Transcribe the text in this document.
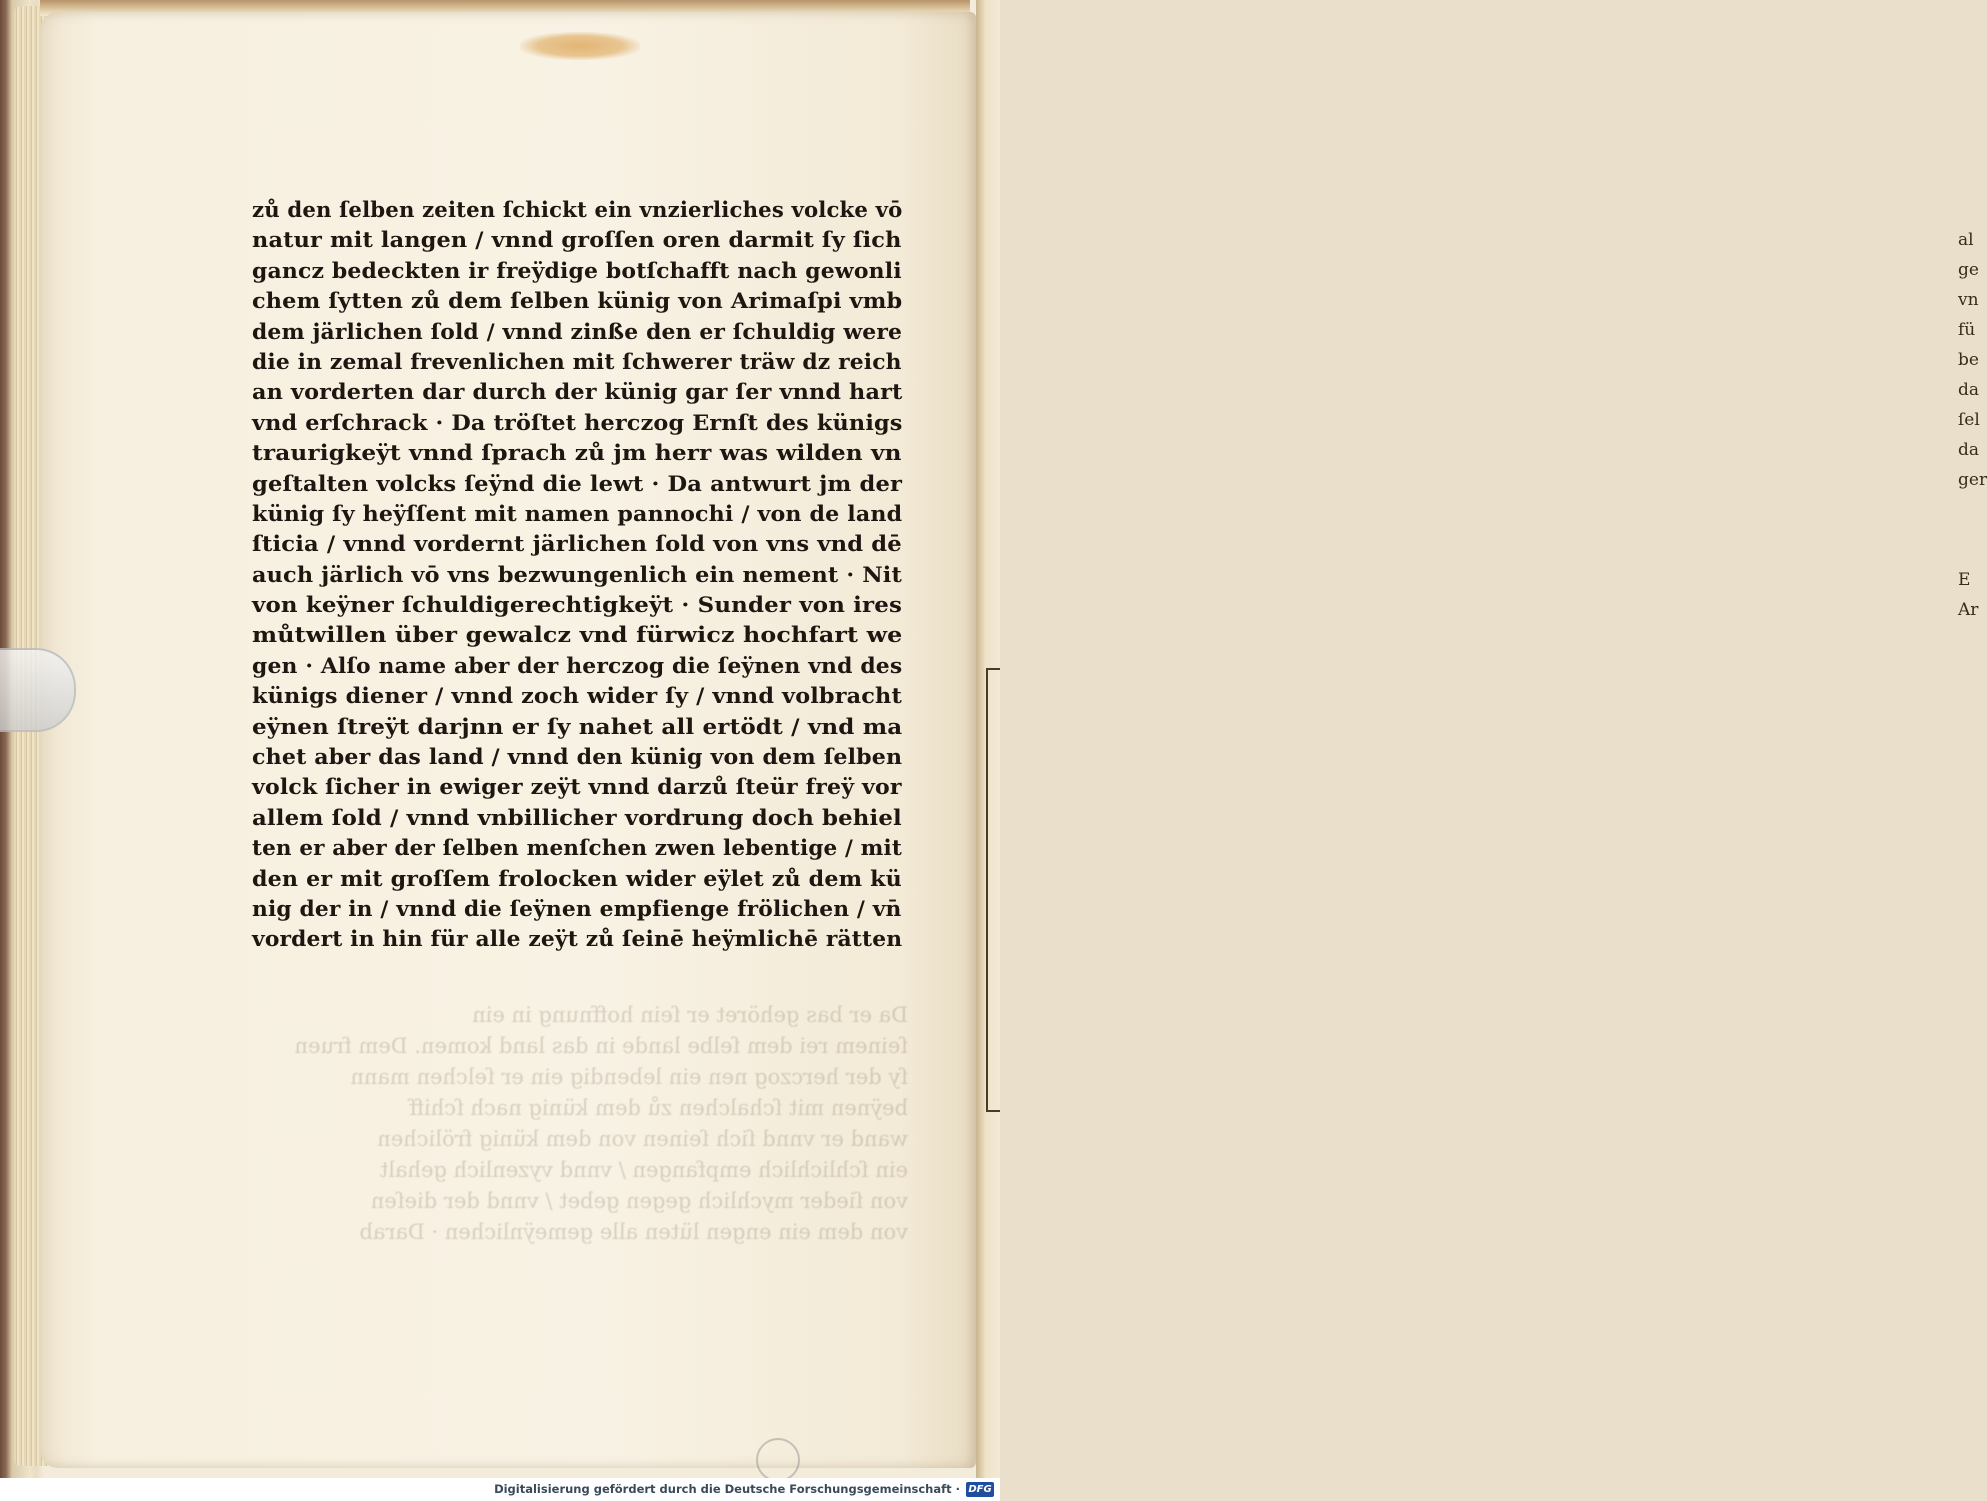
Da er bas gehöret er ſein hoffnung in ein
ſeinem rei dem ſelbe lande in das land komen. Dem fruen
ſy der herczog nen ein lebendig ein er ſelchen mann
beÿnen mit ſchalchen zů dem künig nach ſchiff
wand er vnnd ſich ſeinen von dem künig frölichen
ein ſchlichlich empfangen / vnnd vyzenlich gehalt
von ſieder mychlich gegen gebet / vnnd der dieſen
von dem ein engen lüten alle gemeÿnlichen · Darab
zů den ſelben zeiten ſchickt ein vnzierliches volcke vō
natur mit langen / vnnd groſſen oren darmit ſy ſich
gancz bedeckten ir freÿdige botſchafft nach gewonli
chem ſytten zů dem ſelben künig von Arimaſpi vmb
dem järlichen ſold / vnnd zinße den er ſchuldig were
die in zemal frevenlichen mit ſchwerer träw dz reich
an vorderten dar durch der künig gar ſer vnnd hart
vnd erſchrack · Da tröſtet herczog Ernſt des künigs
traurigkeÿt vnnd ſprach zů jm herr was wilden vn
geſtalten volcks ſeÿnd die lewt · Da antwurt jm der
künig ſy heÿſſent mit namen pannochi / von de land
ſticia / vnnd vordernt järlichen ſold von vns vnd dē
auch järlich vō vns bezwungenlich ein nement · Nit
von keÿner ſchuldigerechtigkeÿt · Sunder von ires
můtwillen über gewalcz vnd fürwicz hochfart we
gen · Alſo name aber der herczog die ſeÿnen vnd des
künigs diener / vnnd zoch wider ſy / vnnd volbracht
eÿnen ſtreÿt darjnn er ſy nahet all ertödt / vnd ma
chet aber das land / vnnd den künig von dem ſelben
volck ſicher in ewiger zeÿt vnnd darzů ſteür freÿ vor
allem ſold / vnnd vnbillicher vordrung doch behiel
ten er aber der ſelben menſchen zwen lebentige / mit
den er mit groſſem frolocken wider eÿlet zů dem kü
nig der in / vnnd die ſeÿnen empfienge frölichen / vn̄
vordert in hin für alle zeÿt zů ſeinē heÿmlichē rätten
al
ge
vn
fü
be
da
ſel
da
ger
E
Ar
Digitalisierung gefördert durch die Deutsche Forschungsgemeinschaft · DFG
